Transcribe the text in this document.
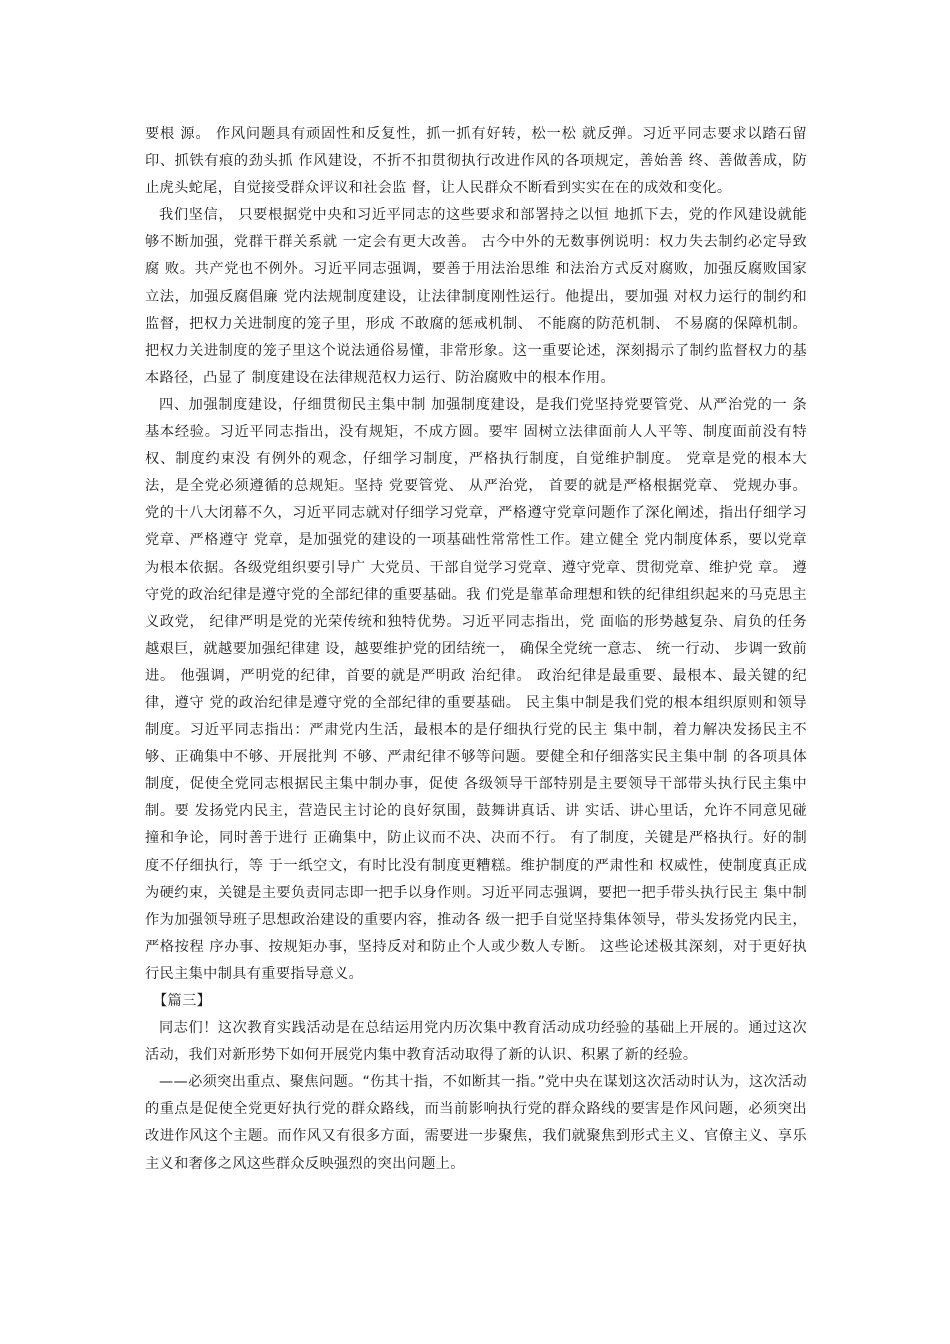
要根 源。 作风问题具有顽固性和反复性，抓一抓有好转，松一松 就反弹。习近平同志要求以踏石留印、抓铁有痕的劲头抓 作风建设，不折不扣贯彻执行改进作风的各项规定，善始善 终、善做善成，防止虎头蛇尾，自觉接受群众评议和社会监 督，让人民群众不断看到实实在在的成效和变化。

我们坚信， 只要根据党中央和习近平同志的这些要求和部署持之以恒 地抓下去，党的作风建设就能够不断加强，党群干群关系就 一定会有更大改善。 古今中外的无数事例说明：权力失去制约必定导致腐 败。共产党也不例外。习近平同志强调，要善于用法治思维 和法治方式反对腐败，加强反腐败国家立法，加强反腐倡廉 党内法规制度建设，让法律制度刚性运行。他提出，要加强 对权力运行的制约和监督，把权力关进制度的笼子里，形成 不敢腐的惩戒机制、 不能腐的防范机制、 不易腐的保障机制。 把权力关进制度的笼子里这个说法通俗易懂，非常形象。这一重要论述，深刻揭示了制约监督权力的基本路径，凸显了 制度建设在法律规范权力运行、防治腐败中的根本作用。

四、加强制度建设，仔细贯彻民主集中制 加强制度建设，是我们党坚持党要管党、从严治党的一 条基本经验。习近平同志指出，没有规矩，不成方圆。要牢 固树立法律面前人人平等、制度面前没有特权、制度约束没 有例外的观念，仔细学习制度，严格执行制度，自觉维护制度。 党章是党的根本大法，是全党必须遵循的总规矩。坚持 党要管党、 从严治党， 首要的就是严格根据党章、 党规办事。 党的十八大闭幕不久，习近平同志就对仔细学习党章，严格遵守党章问题作了深化阐述，指出仔细学习党章、严格遵守 党章，是加强党的建设的一项基础性常常性工作。建立健全 党内制度体系，要以党章为根本依据。各级党组织要引导广 大党员、干部自觉学习党章、遵守党章、贯彻党章、维护党 章。 遵守党的政治纪律是遵守党的全部纪律的重要基础。我 们党是靠革命理想和铁的纪律组织起来的马克思主义政党， 纪律严明是党的光荣传统和独特优势。习近平同志指出，党 面临的形势越复杂、肩负的任务越艰巨，就越要加强纪律建 设，越要维护党的团结统一， 确保全党统一意志、 统一行动、 步调一致前进。 他强调，严明党的纪律，首要的就是严明政 治纪律。 政治纪律是最重要、最根本、最关键的纪律，遵守 党的政治纪律是遵守党的全部纪律的重要基础。 民主集中制是我们党的根本组织原则和领导制度。习近平同志指出：严肃党内生活，最根本的是仔细执行党的民主 集中制，着力解决发扬民主不够、正确集中不够、开展批判 不够、严肃纪律不够等问题。要健全和仔细落实民主集中制 的各项具体制度，促使全党同志根据民主集中制办事，促使 各级领导干部特别是主要领导干部带头执行民主集中制。要 发扬党内民主，营造民主讨论的良好氛围，鼓舞讲真话、讲 实话、讲心里话，允许不同意见碰撞和争论，同时善于进行 正确集中，防止议而不决、决而不行。 有了制度，关键是严格执行。好的制度不仔细执行，等 于一纸空文，有时比没有制度更糟糕。维护制度的严肃性和 权威性，使制度真正成为硬约束，关键是主要负责同志即一把手以身作则。习近平同志强调，要把一把手带头执行民主 集中制作为加强领导班子思想政治建设的重要内容，推动各 级一把手自觉坚持集体领导，带头发扬党内民主，严格按程 序办事、按规矩办事，坚持反对和防止个人或少数人专断。 这些论述极其深刻，对于更好执行民主集中制具有重要指导意义。

【篇三】

同志们！这次教育实践活动是在总结运用党内历次集中教育活动成功经验的基础上开展的。通过这次活动，我们对新形势下如何开展党内集中教育活动取得了新的认识、积累了新的经验。

——必须突出重点、聚焦问题。“伤其十指，不如断其一指。”党中央在谋划这次活动时认为，这次活动的重点是促使全党更好执行党的群众路线，而当前影响执行党的群众路线的要害是作风问题，必须突出改进作风这个主题。而作风又有很多方面，需要进一步聚焦，我们就聚焦到形式主义、官僚主义、享乐主义和奢侈之风这些群众反映强烈的突出问题上。
